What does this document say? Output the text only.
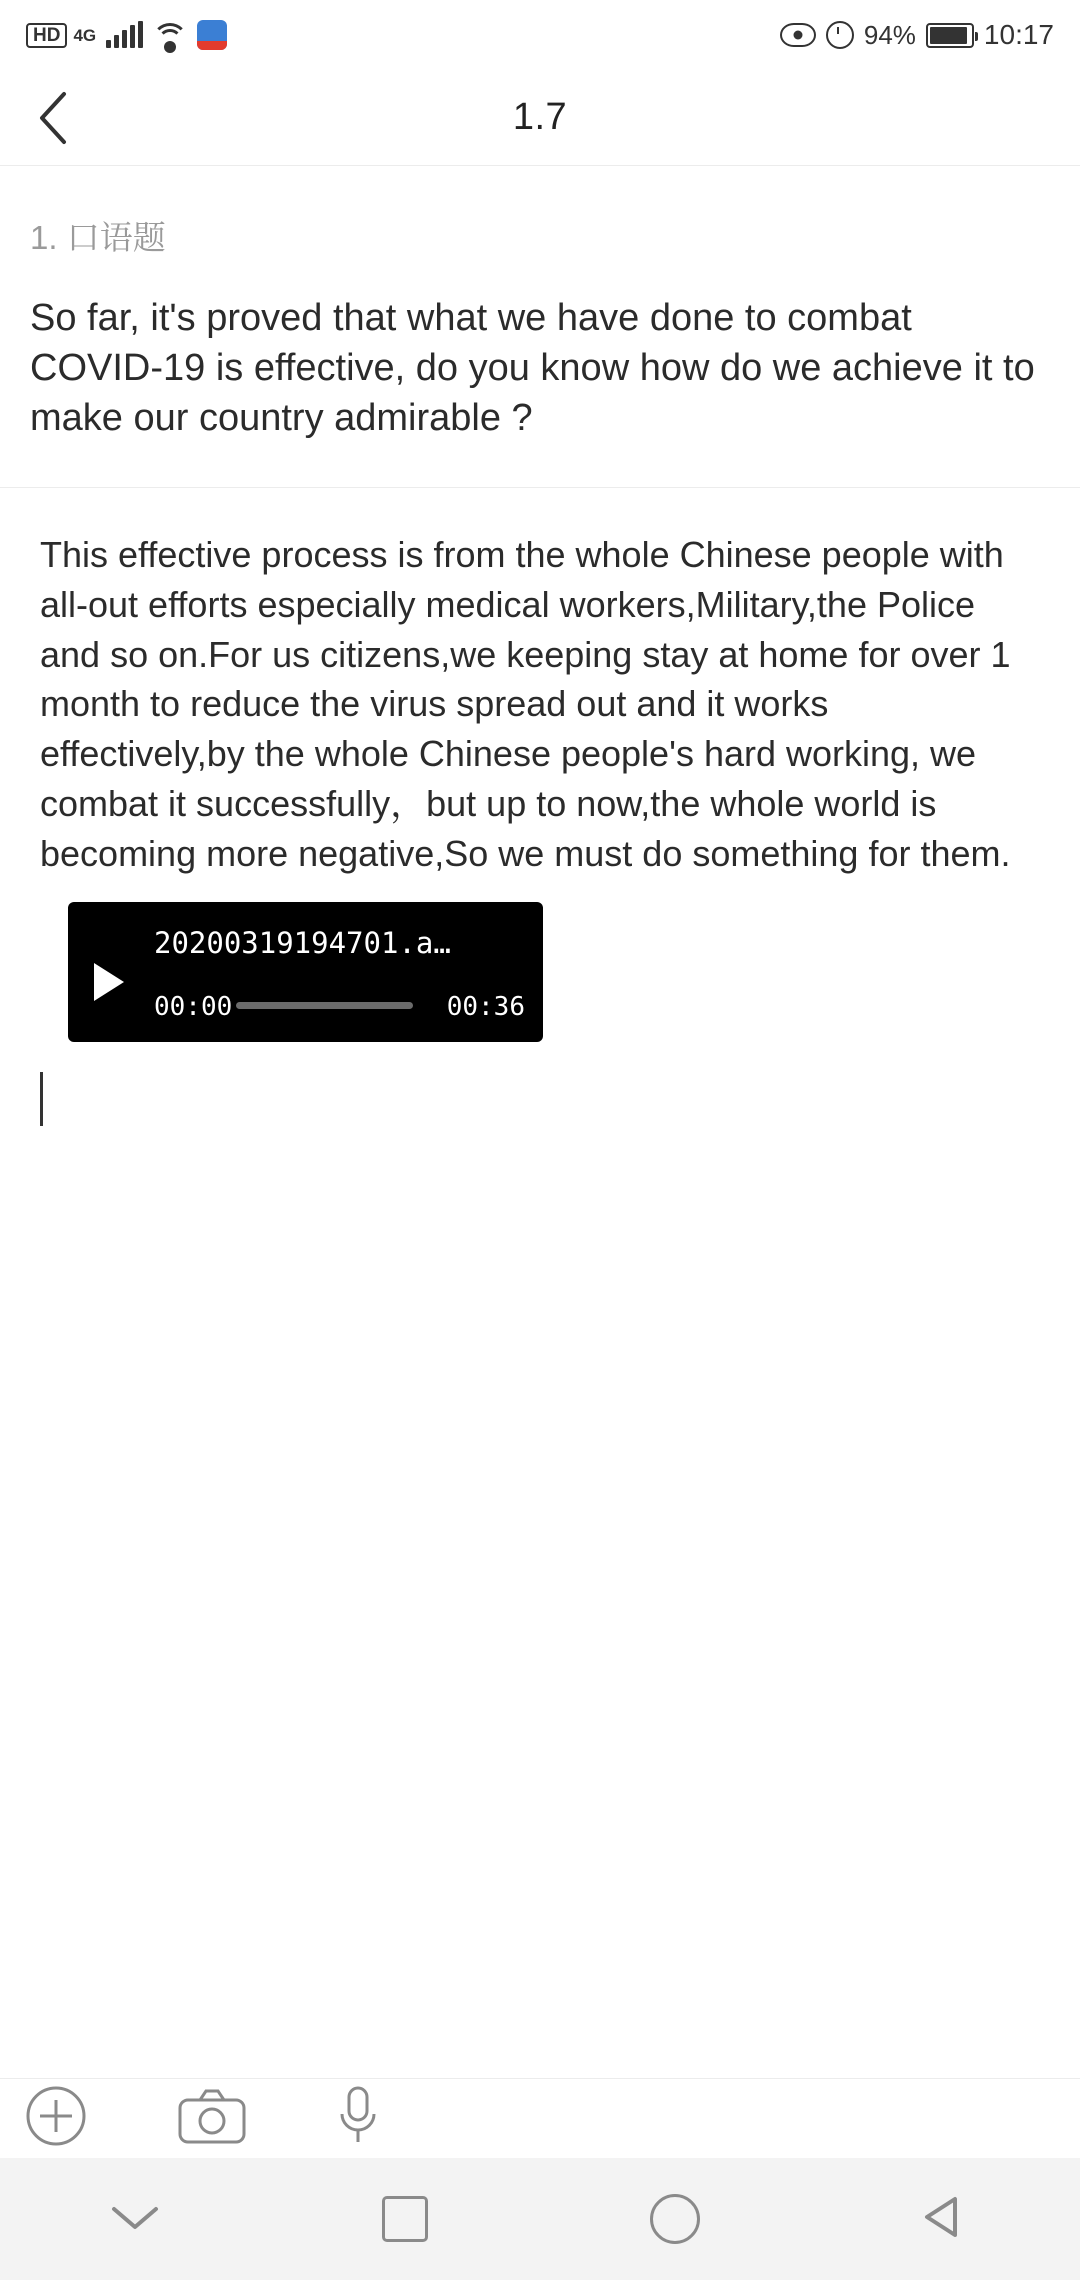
HD 4G	94% 10:17
1.7
1. 口语题
So far, it's proved that what we have done to combat COVID-19 is effective, do you know how do we achieve it to make our country admirable ?
This effective process is from the whole Chinese people with all-out efforts especially medical workers,Military,the Police and so on.For us citizens,we keeping stay at home for over 1 month to reduce the virus spread out and it works effectively,by the whole Chinese people's hard working, we combat it successfully，but up to now,the whole world is becoming more negative,So we must do something for them.
20200319194701.a…
00:00	00:36
